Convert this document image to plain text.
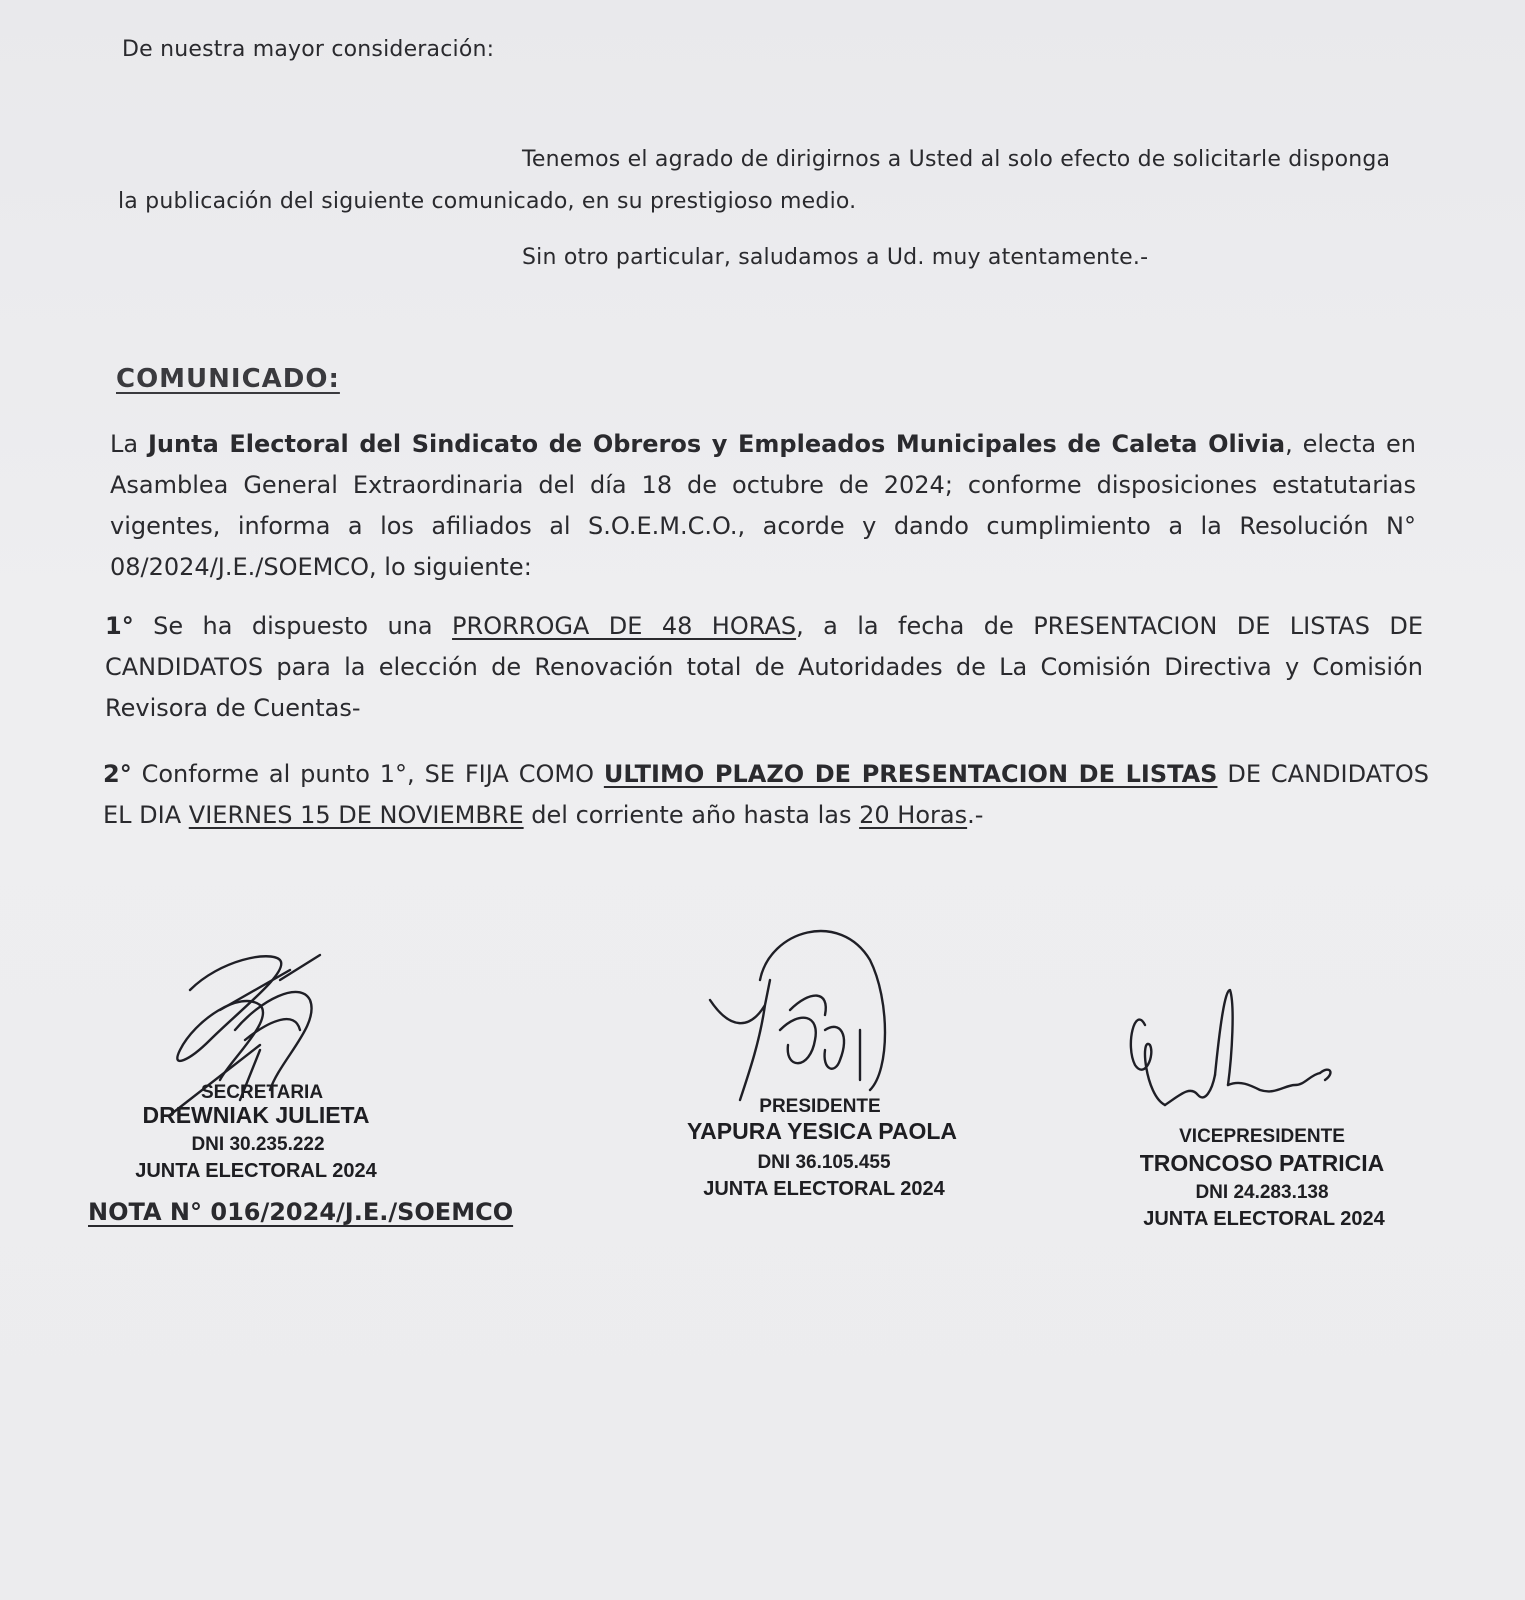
De nuestra mayor consideración:
Tenemos el agrado de dirigirnos a Usted al solo efecto de solicitarle disponga
la publicación del siguiente comunicado, en su prestigioso medio.
Sin otro particular, saludamos a Ud. muy atentamente.-
COMUNICADO:
La Junta Electoral del Sindicato de Obreros y Empleados Municipales de Caleta Olivia, electa en
Asamblea General Extraordinaria del día 18 de octubre de 2024; conforme disposiciones estatutarias
vigentes, informa a los afiliados al S.O.E.M.C.O., acorde y dando cumplimiento a la Resolución N°
08/2024/J.E./SOEMCO, lo siguiente:
1° Se ha dispuesto una PRORROGA DE 48 HORAS, a la fecha de PRESENTACION DE LISTAS DE
CANDIDATOS para la elección de Renovación total de Autoridades de La Comisión Directiva y Comisión
Revisora de Cuentas-
2° Conforme al punto 1°, SE FIJA COMO ULTIMO PLAZO DE PRESENTACION DE LISTAS DE CANDIDATOS
EL DIA VIERNES 15 DE NOVIEMBRE del corriente año hasta las 20 Horas.-
SECRETARIA
DREWNIAK JULIETA
DNI 30.235.222
JUNTA ELECTORAL 2024
PRESIDENTE
YAPURA YESICA PAOLA
DNI 36.105.455
JUNTA ELECTORAL 2024
VICEPRESIDENTE
TRONCOSO PATRICIA
DNI 24.283.138
JUNTA ELECTORAL 2024
NOTA N° 016/2024/J.E./SOEMCO
